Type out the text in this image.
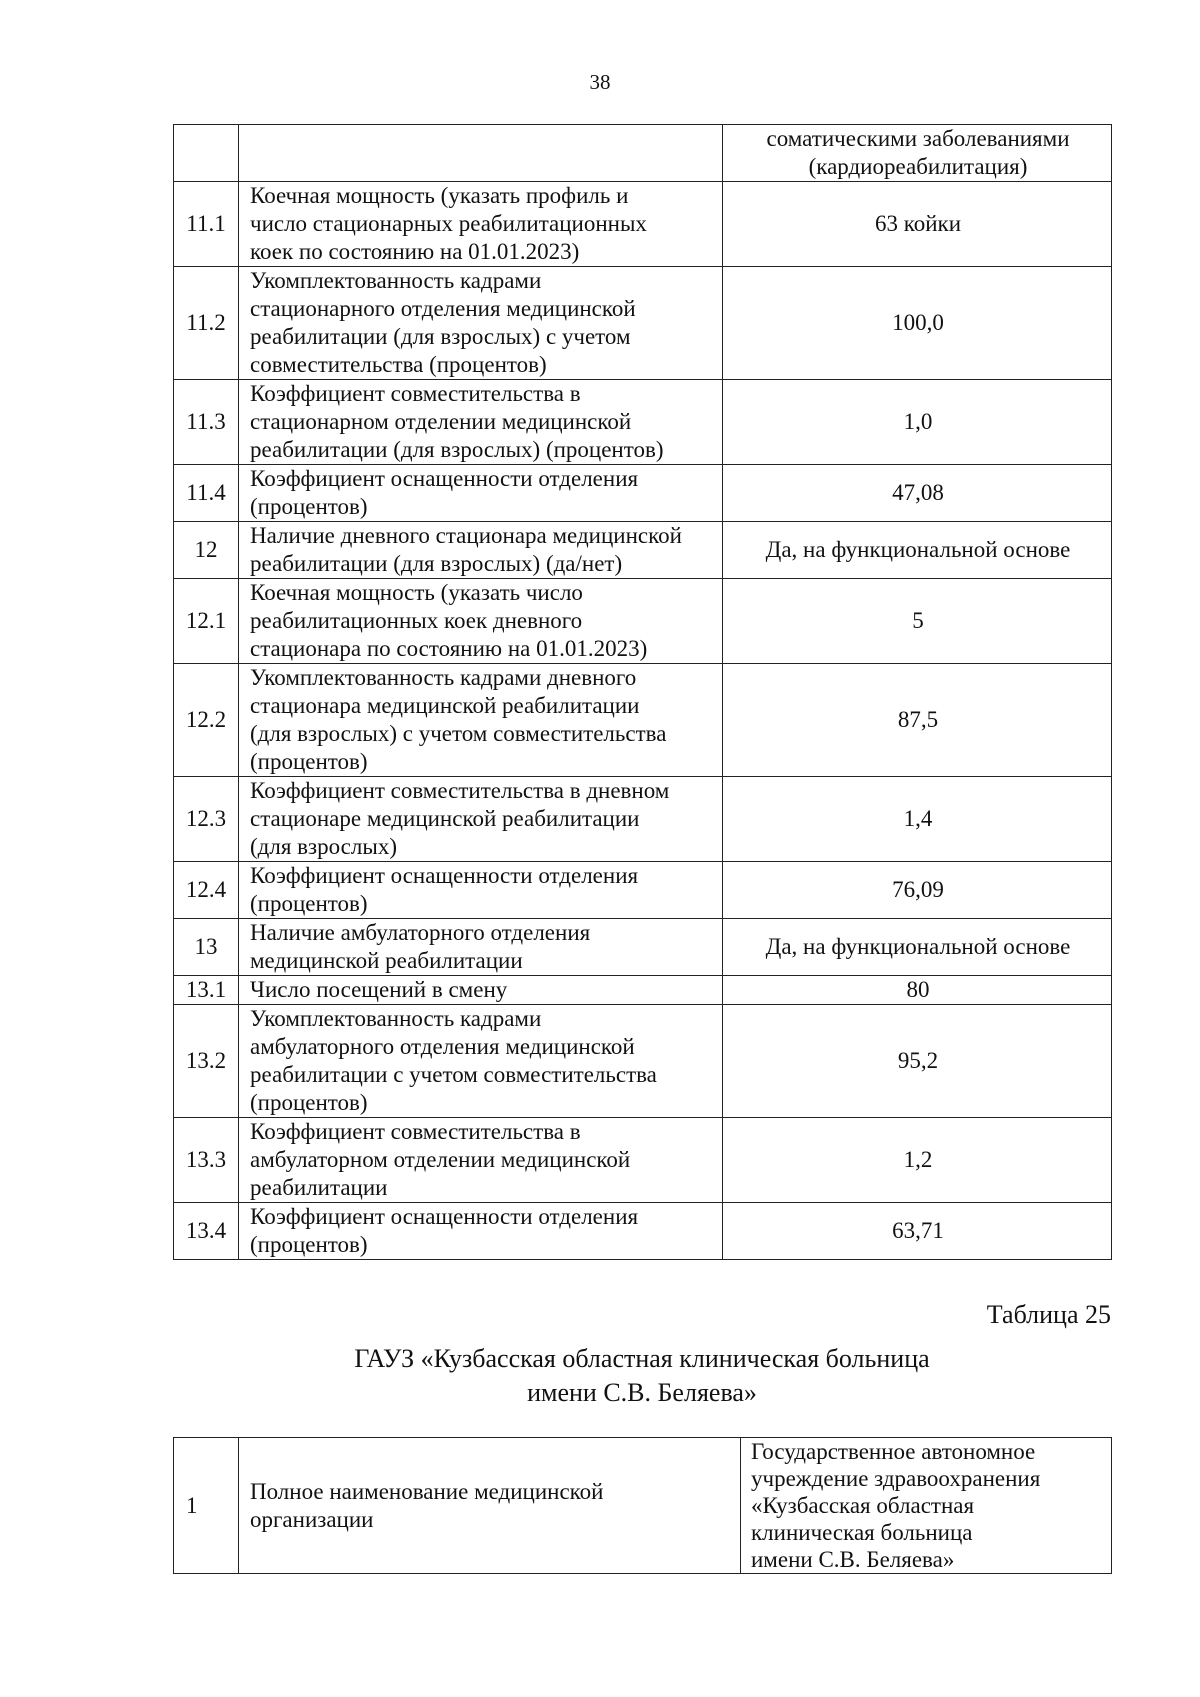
38
		соматическими заболеваниями
(кардиореабилитация)
11.1	Коечная мощность (указать профиль и
число стационарных реабилитационных
коек по состоянию на 01.01.2023)	63 койки
11.2	Укомплектованность кадрами
стационарного отделения медицинской
реабилитации (для взрослых) с учетом
совместительства (процентов)	100,0
11.3	Коэффициент совместительства в
стационарном отделении медицинской
реабилитации (для взрослых) (процентов)	1,0
11.4	Коэффициент оснащенности отделения
(процентов)	47,08
12	Наличие дневного стационара медицинской
реабилитации (для взрослых) (да/нет)	Да, на функциональной основе
12.1	Коечная мощность (указать число
реабилитационных коек дневного
стационара по состоянию на 01.01.2023)	5
12.2	Укомплектованность кадрами дневного
стационара медицинской реабилитации
(для взрослых) с учетом совместительства
(процентов)	87,5
12.3	Коэффициент совместительства в дневном
стационаре медицинской реабилитации
(для взрослых)	1,4
12.4	Коэффициент оснащенности отделения
(процентов)	76,09
13	Наличие амбулаторного отделения
медицинской реабилитации	Да, на функциональной основе
13.1	Число посещений в смену	80
13.2	Укомплектованность кадрами
амбулаторного отделения медицинской
реабилитации с учетом совместительства
(процентов)	95,2
13.3	Коэффициент совместительства в
амбулаторном отделении медицинской
реабилитации	1,2
13.4	Коэффициент оснащенности отделения
(процентов)	63,71
Таблица 25
ГАУЗ «Кузбасская областная клиническая больница
имени С.В. Беляева»
1	Полное наименование медицинской
организации	Государственное автономное
учреждение здравоохранения
«Кузбасская областная
клиническая больница
имени С.В. Беляева»
